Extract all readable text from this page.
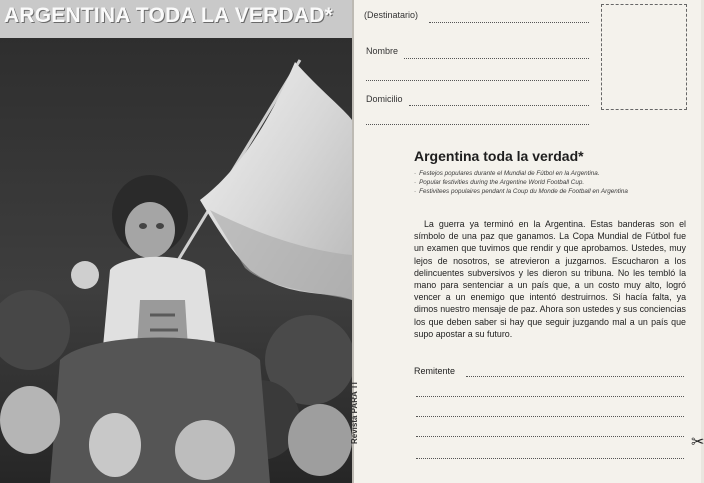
ARGENTINA TODA LA VERDAD*	(Destinatario)
Nombre
Domicilio
Argentina toda la verdad*
· Festejos populares durante el Mundial de Fútbol en la Argentina.
· Popular festivities during the Argentine World Football Cup.
· Festivitees populaires pendant la Coup du Monde de Football en Argentina

La guerra ya terminó en la Argentina. Estas banderas son el símbolo de una paz que ganamos. La Copa Mundial de Fútbol fue un examen que tuvimos que rendir y que aprobamos. Ustedes, muy lejos de nosotros, se atrevieron a juzgarnos. Escucharon a los delincuentes subversivos y les dieron su tribuna. No les tembló la mano para sentenciar a un país que, a un costo muy alto, logró vencer a un enemigo que intentó destruirnos. Si hacía falta, ya dimos nuestro mensaje de paz. Ahora son ustedes y sus conciencias los que deben saber si hay que seguir juzgando mal a un país que supo apostar a su futuro.

Remitente
Revista PARA TI	✂
